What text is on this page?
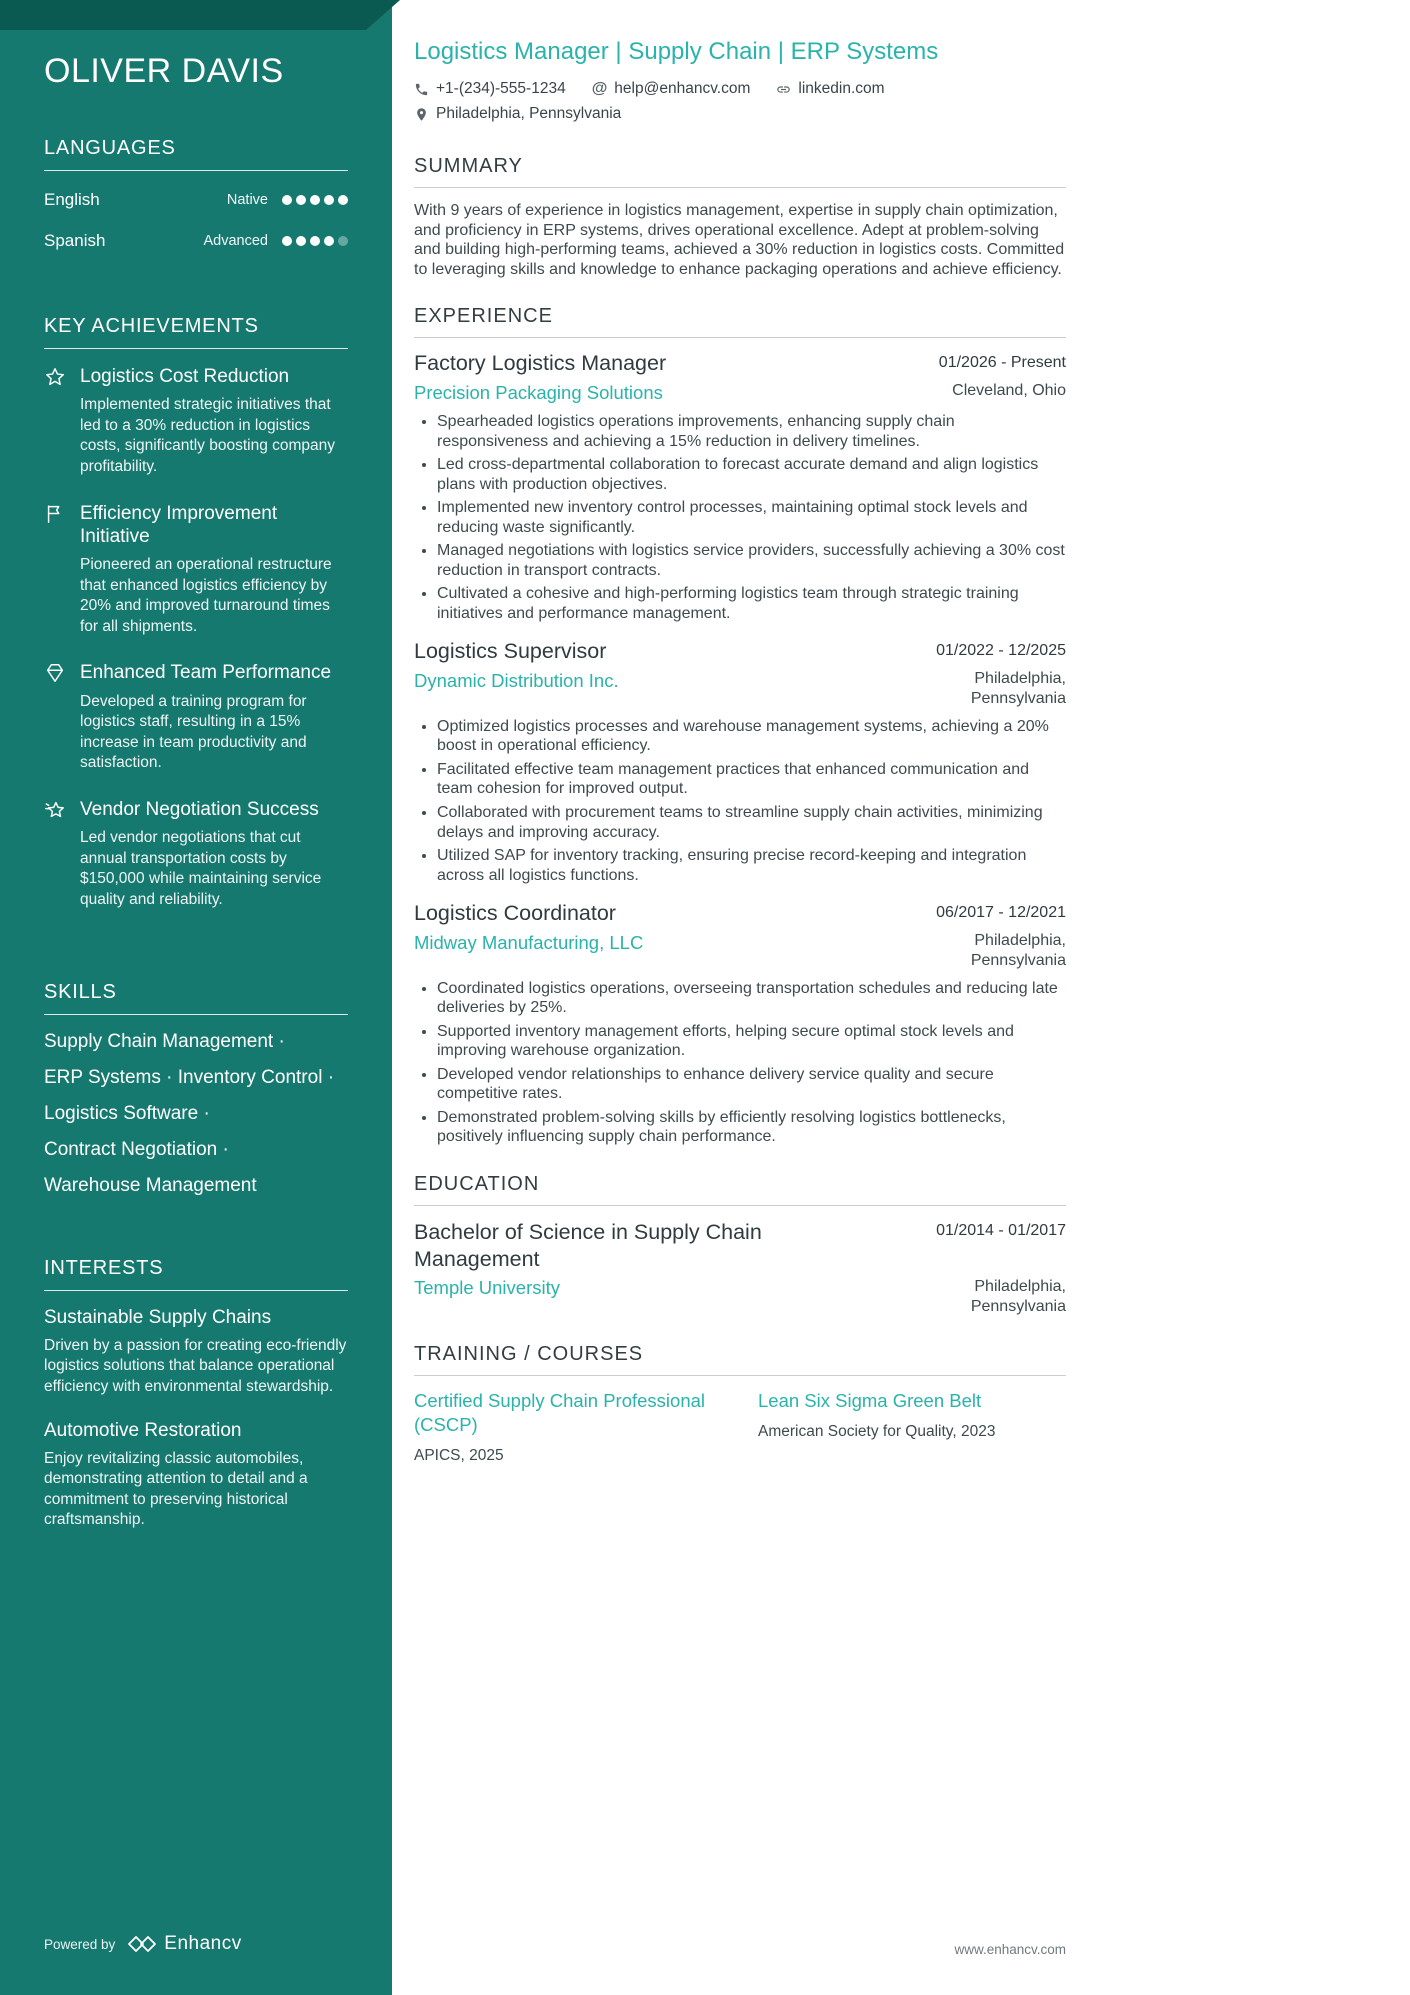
OLIVER DAVIS
LANGUAGES
English	Native
Spanish	Advanced
KEY ACHIEVEMENTS
Logistics Cost Reduction
Implemented strategic initiatives that led to a 30% reduction in logistics costs, significantly boosting company profitability.
Efficiency Improvement Initiative
Pioneered an operational restructure that enhanced logistics efficiency by 20% and improved turnaround times for all shipments.
Enhanced Team Performance
Developed a training program for logistics staff, resulting in a 15% increase in team productivity and satisfaction.
Vendor Negotiation Success
Led vendor negotiations that cut annual transportation costs by $150,000 while maintaining service quality and reliability.
SKILLS
Supply Chain Management ·
ERP Systems · Inventory Control ·
Logistics Software ·
Contract Negotiation ·
Warehouse Management
INTERESTS
Sustainable Supply Chains
Driven by a passion for creating eco-friendly logistics solutions that balance operational efficiency with environmental stewardship.
Automotive Restoration
Enjoy revitalizing classic automobiles, demonstrating attention to detail and a commitment to preserving historical craftsmanship.
Powered by	Enhancv
Logistics Manager | Supply Chain | ERP Systems
+1-(234)-555-1234 @ help@enhancv.com	linkedin.com
Philadelphia, Pennsylvania
SUMMARY

With 9 years of experience in logistics management, expertise in supply chain optimization, and proficiency in ERP systems, drives operational excellence. Adept at problem-solving and building high-performing teams, achieved a 30% reduction in logistics costs. Committed to leveraging skills and knowledge to enhance packaging operations and achieve efficiency.

EXPERIENCE
Factory Logistics Manager	01/2026 - Present
Precision Packaging Solutions	Cleveland, Ohio
• Spearheaded logistics operations improvements, enhancing supply chain responsiveness and achieving a 15% reduction in delivery timelines.
• Led cross-departmental collaboration to forecast accurate demand and align logistics plans with production objectives.
• Implemented new inventory control processes, maintaining optimal stock levels and reducing waste significantly.
• Managed negotiations with logistics service providers, successfully achieving a 30% cost reduction in transport contracts.
• Cultivated a cohesive and high-performing logistics team through strategic training initiatives and performance management.
Logistics Supervisor	01/2022 - 12/2025
Dynamic Distribution Inc.	Philadelphia, Pennsylvania
• Optimized logistics processes and warehouse management systems, achieving a 20% boost in operational efficiency.
• Facilitated effective team management practices that enhanced communication and team cohesion for improved output.
• Collaborated with procurement teams to streamline supply chain activities, minimizing delays and improving accuracy.
• Utilized SAP for inventory tracking, ensuring precise record-keeping and integration across all logistics functions.
Logistics Coordinator	06/2017 - 12/2021
Midway Manufacturing, LLC	Philadelphia, Pennsylvania
• Coordinated logistics operations, overseeing transportation schedules and reducing late deliveries by 25%.
• Supported inventory management efforts, helping secure optimal stock levels and improving warehouse organization.
• Developed vendor relationships to enhance delivery service quality and secure competitive rates.
• Demonstrated problem-solving skills by efficiently resolving logistics bottlenecks, positively influencing supply chain performance.
EDUCATION
Bachelor of Science in Supply Chain Management
01/2014 - 01/2017
Temple University	Philadelphia, Pennsylvania
TRAINING / COURSES
Certified Supply Chain Professional (CSCP)
APICS, 2025
Lean Six Sigma Green Belt
American Society for Quality, 2023
www.enhancv.com
